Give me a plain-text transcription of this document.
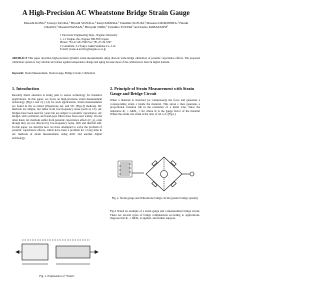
A High-Precision AC Wheatstone Bridge Strain Gauge
Masashi KONO,¹ Tetsuya TAURA,¹ Hiroshi SUZUKA,¹ Kenji KIMURA,¹ Takahide SUZUKI,¹ Masanori MORISHITA,¹ Haruki OKANO,¹ Masami HASSAN,² Hiroyuki TORII,² Tatsuhiro SUZUKI² and Kazuo KOBAYASHI²
1 Electronic Engineering Dept., Nagano University
1-1-1 Tsujido-cho, Nagano 380-8553 Japan
Phone: +81-27-29-2766 Fax: +81-27-29-5767
2 Consultant, 3-2 Tokyo Gakki Souhoku Co., Ltd.
E-mail: {kono.k,torii.h}@nagano-u.ac.jp
ABSTRACT This paper describes high-precision dynamic strain measurements using discrete wide-bridge calibration of parasitic capacitance effects. The proposed calibration system is very reliable and robust against temperature change and aging because most of the calibration is done in digital domain.
Keywords: Strain Measurement, Strain Gauge, Bridge Circuit, Calibration
1. Introduction
Recently much attention is being paid to sensor technology for intensive applications. In this paper, we focus on high-precision strain measurement technology [Figs.1 and 2]. [1,2] for such applications. Strain measurements are found in the so-called Wheatstone AC and DC [Figs.3] methods. DC methods are simple, but suffer from low-frequency noise (such as 1/f). AC bridges have been used for years but are subject to parasitic capacitance. AC bridges with oscillators and band-pass filters have been used widely. On the other hand, AC methods suffer from parasitic capacitance effects (C_p), even though they are not affected by low-frequency noise, drift and thermal emf. In this paper, we describe how we have attempted to solve the problem of parasitic capacitance effects, which have been a problem for a long time in AC methods of strain measurement, using ADC and another digital technology.
Fig. 1. Explanation of "Strain"
2. Principle of Strain Measurement with Strain Gauge and Bridge Circuit
When a material is stretched (or compressed), the force and generates a corresponding strain ε inside the material. This stress ε then generates a proportional variation ΔR in the resistance of a metal wire. Since the resistance R₀ = ΔR/R₀ = Kε where K is the gauge factor of the material Where the strain, the strain is the ratio of ΔL to L (Fig.1).
Fig. 2. Strain gauge and Wheatstone bridge circuit (quarter bridge system).
Fig.2 Stated an example of a strain gauge and a measurement bridge circuit. There are several types of bridge combinations according to applications. Suppose that R₁ = ΔR/R₀ is applied, and further suppose
